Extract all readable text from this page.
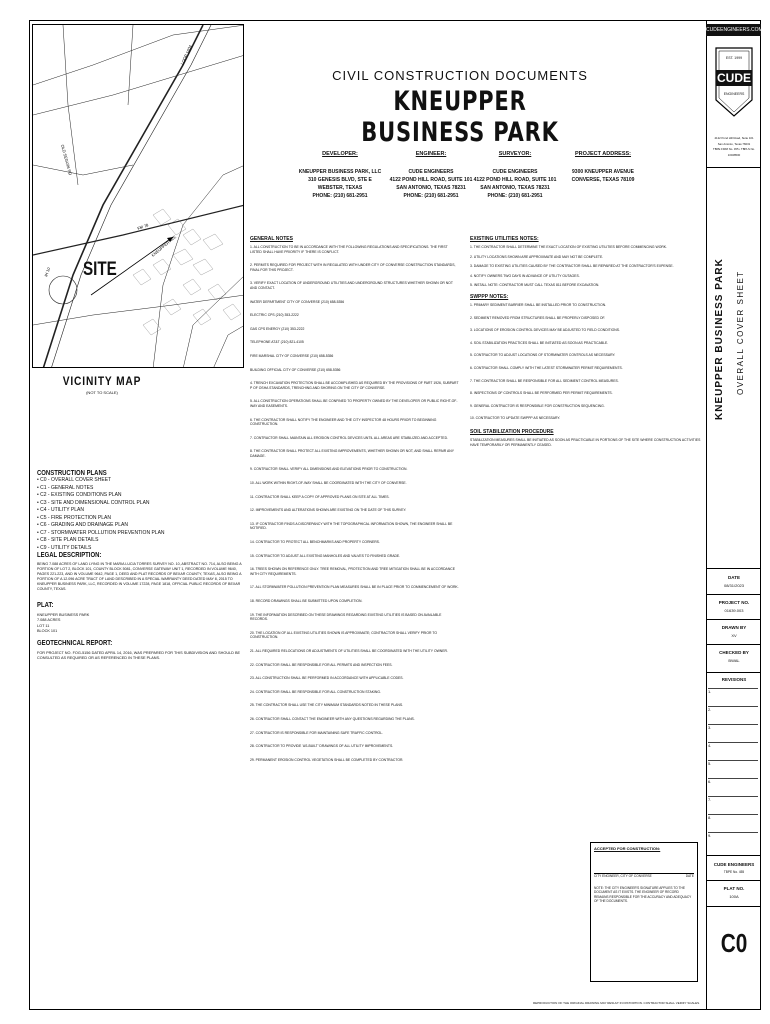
IH 10
LOOP 1604
FM 78
KNEUPPER AVE
OLD SEGUIN RD
SITE
VICINITY MAP
(NOT TO SCALE)
CONSTRUCTION PLANS
• C0 - OVERALL COVER SHEET
• C1 - GENERAL NOTES
• C2 - EXISTING CONDITIONS PLAN
• C3 - SITE AND DIMENSIONAL CONTROL PLAN
• C4 - UTILITY PLAN
• C5 - FIRE PROTECTION PLAN
• C6 - GRADING AND DRAINAGE PLAN
• C7 - STORMWATER POLLUTION PREVENTION PLAN
• C8 - SITE PLAN DETAILS
• C9 - UTILITY DETAILS
LEGAL DESCRIPTION:
BEING 7.088 ACRES OF LAND LYING IN THE MARIA LUCIA TORRES SURVEY NO. 10, ABSTRACT NO. 714, ALSO BEING A PORTION OF LOT 2, BLOCK 101, COUNTY BLOCK 5081, CONVERSE GATEWAY UNIT 1, RECORDED IN VOLUME 9640, PAGES 221-223, AND IN VOLUME 9642, PAGE 1, DEED AND PLAT RECORDS OF BEXAR COUNTY, TEXAS, ALSO BEING A PORTION OF A 12.096 ACRE TRACT OF LAND DESCRIBED IN A SPECIAL WARRANTY DEED DATED MAY 8, 2015 TO KNEUPPER BUSINESS PARK, LLC, RECORDED IN VOLUME 17228, PAGE 1818, OFFICIAL PUBLIC RECORDS OF BEXAR COUNTY, TEXAS.
PLAT:
KNEUPPER BUSINESS PARK
7.088 ACRES
LOT 11
BLOCK 101
GEOTECHNICAL REPORT:
FOR PROJECT NO. FOG-5156 DATED APRIL 14, 2016, WAS PREPARED FOR THIS SUBDIVISION AND SHOULD BE CONSULTED AS REQUIRED OR AS REFERENCED IN THESE PLANS.
CIVIL CONSTRUCTION DOCUMENTS
KNEUPPER BUSINESS PARK
DEVELOPER:
KNEUPPER BUSINESS PARK, LLC
310 GENESIS BLVD, STE E
WEBSTER, TEXAS
PHONE: (210) 681-2951
ENGINEER:
CUDE ENGINEERS
4122 POND HILL ROAD, SUITE 101
SAN ANTONIO, TEXAS 78231
PHONE: (210) 681-2951
SURVEYOR:
CUDE ENGINEERS
4122 POND HILL ROAD, SUITE 101
SAN ANTONIO, TEXAS 78231
PHONE: (210) 681-2951
PROJECT ADDRESS:
9300 KNEUPPER AVENUE
CONVERSE, TEXAS 78109
GENERAL NOTES
1. ALL CONSTRUCTION TO BE IN ACCORDANCE WITH THE FOLLOWING REGULATIONS AND SPECIFICATIONS. THE FIRST LISTED SHALL HAVE PRIORITY IF THERE IS CONFLICT.
2. PERMITS REQUIRED FOR PROJECT WITH IN REGULATED WITH UNDER CITY OF CONVERSE CONSTRUCTION STANDARDS, FINAL FOR THIS PROJECT.
3. VERIFY EXACT LOCATION OF UNDERGROUND UTILITIES AND UNDERGROUND STRUCTURES WHETHER SHOWN OR NOT AND CONTACT.
WATER DEPARTMENT CITY OF CONVERSE (210) 658-5356
ELECTRIC CPS (210) 353-2222
GAS CPS ENERGY (210) 353-2222
TELEPHONE AT&T (210) 821-4105
FIRE MARSHAL CITY OF CONVERSE (210) 658-5356
BUILDING OFFICIAL CITY OF CONVERSE (210) 658-5356
4. TRENCH EXCAVATION PROTECTION SHALL BE ACCOMPLISHED AS REQUIRED BY THE PROVISIONS OF PART 1926, SUBPART P OF OSHA STANDARDS, TRENCHING AND SHORING ON THE CITY OF CONVERSE.
5. ALL CONSTRUCTION OPERATIONS SHALL BE CONFINED TO PROPERTY OWNED BY THE DEVELOPER OR PUBLIC RIGHT-OF-WAY AND EASEMENTS.
6. THE CONTRACTOR SHALL NOTIFY THE ENGINEER AND THE CITY INSPECTOR 48 HOURS PRIOR TO BEGINNING CONSTRUCTION.
7. CONTRACTOR SHALL MAINTAIN ALL EROSION CONTROL DEVICES UNTIL ALL AREAS ARE STABILIZED AND ACCEPTED.
8. THE CONTRACTOR SHALL PROTECT ALL EXISTING IMPROVEMENTS, WHETHER SHOWN OR NOT, AND SHALL REPAIR ANY DAMAGE.
9. CONTRACTOR SHALL VERIFY ALL DIMENSIONS AND ELEVATIONS PRIOR TO CONSTRUCTION.
10. ALL WORK WITHIN RIGHT-OF-WAY SHALL BE COORDINATED WITH THE CITY OF CONVERSE.
11. CONTRACTOR SHALL KEEP A COPY OF APPROVED PLANS ON SITE AT ALL TIMES.
12. IMPROVEMENTS AND ALTERATIONS SHOWN ARE EXISTING ON THE DATE OF THIS SURVEY.
13. IF CONTRACTOR FINDS A DISCREPANCY WITH THE TOPOGRAPHICAL INFORMATION SHOWN, THE ENGINEER SHALL BE NOTIFIED.
14. CONTRACTOR TO PROTECT ALL BENCHMARKS AND PROPERTY CORNERS.
15. CONTRACTOR TO ADJUST ALL EXISTING MANHOLES AND VALVES TO FINISHED GRADE.
16. TREES SHOWN ON REFERENCE ONLY. TREE REMOVAL, PROTECTION AND TREE MITIGATION SHALL BE IN ACCORDANCE WITH CITY REQUIREMENTS.
17. ALL STORMWATER POLLUTION PREVENTION PLAN MEASURES SHALL BE IN PLACE PRIOR TO COMMENCEMENT OF WORK.
18. RECORD DRAWINGS SHALL BE SUBMITTED UPON COMPLETION.
19. THE INFORMATION DESCRIBED ON THESE DRAWINGS REGARDING EXISTING UTILITIES IS BASED ON AVAILABLE RECORDS.
20. THE LOCATION OF ALL EXISTING UTILITIES SHOWN IS APPROXIMATE; CONTRACTOR SHALL VERIFY PRIOR TO CONSTRUCTION.
21. ALL REQUIRED RELOCATIONS OR ADJUSTMENTS OF UTILITIES SHALL BE COORDINATED WITH THE UTILITY OWNER.
22. CONTRACTOR SHALL BE RESPONSIBLE FOR ALL PERMITS AND INSPECTION FEES.
23. ALL CONSTRUCTION SHALL BE PERFORMED IN ACCORDANCE WITH APPLICABLE CODES.
24. CONTRACTOR SHALL BE RESPONSIBLE FOR ALL CONSTRUCTION STAKING.
25. THE CONTRACTOR SHALL USE THE CITY MINIMUM STANDARDS NOTED IN THESE PLANS.
26. CONTRACTOR SHALL CONTACT THE ENGINEER WITH ANY QUESTIONS REGARDING THE PLANS.
27. CONTRACTOR IS RESPONSIBLE FOR MAINTAINING SAFE TRAFFIC CONTROL.
28. CONTRACTOR TO PROVIDE 'AS-BUILT' DRAWINGS OF ALL UTILITY IMPROVEMENTS.
29. PERMANENT EROSION CONTROL VEGETATION SHALL BE COMPLETED BY CONTRACTOR.
EXISTING UTILITIES NOTES:
1. THE CONTRACTOR SHALL DETERMINE THE EXACT LOCATION OF EXISTING UTILITIES BEFORE COMMENCING WORK.
2. UTILITY LOCATIONS SHOWN ARE APPROXIMATE AND MAY NOT BE COMPLETE.
3. DAMAGE TO EXISTING UTILITIES CAUSED BY THE CONTRACTOR SHALL BE REPAIRED AT THE CONTRACTOR'S EXPENSE.
4. NOTIFY OWNERS TWO DAYS IN ADVANCE OF UTILITY OUTAGES.
5. INSTALL NOTE: CONTRACTOR MUST CALL TEXAS 811 BEFORE EXCAVATION.
SWPPP NOTES:
1. PRIMARY SEDIMENT BARRIER SHALL BE INSTALLED PRIOR TO CONSTRUCTION.
2. SEDIMENT REMOVED FROM STRUCTURES SHALL BE PROPERLY DISPOSED OF.
3. LOCATIONS OF EROSION CONTROL DEVICES MAY BE ADJUSTED TO FIELD CONDITIONS.
4. SOIL STABILIZATION PRACTICES SHALL BE INITIATED AS SOON AS PRACTICABLE.
5. CONTRACTOR TO ADJUST LOCATIONS OF STORMWATER CONTROLS AS NECESSARY.
6. CONTRACTOR SHALL COMPLY WITH THE LATEST STORMWATER PERMIT REQUIREMENTS.
7. THE CONTRACTOR SHALL BE RESPONSIBLE FOR ALL SEDIMENT CONTROL MEASURES.
8. INSPECTIONS OF CONTROLS SHALL BE PERFORMED PER PERMIT REQUIREMENTS.
9. GENERAL CONTRACTOR IS RESPONSIBLE FOR CONSTRUCTION SEQUENCING.
10. CONTRACTOR TO UPDATE SWPPP AS NECESSARY.
SOIL STABILIZATION PROCEDURE
STABILIZATION MEASURES SHALL BE INITIATED AS SOON AS PRACTICABLE IN PORTIONS OF THE SITE WHERE CONSTRUCTION ACTIVITIES HAVE TEMPORARILY OR PERMANENTLY CEASED.
ACCEPTED FOR CONSTRUCTION:
CITY ENGINEER, CITY OF CONVERSE	DATE
NOTE: THE CITY ENGINEER'S SIGNATURE APPLIES TO THE DOCUMENT AS IT EXISTS. THE ENGINEER OF RECORD REMAINS RESPONSIBLE FOR THE ACCURACY AND ADEQUACY OF THE DOCUMENTS.
REPRODUCTION OF THE ORIGINAL DRAWING MAY RESULT IN DISTORTION. CONTRACTOR SHALL VERIFY SCALES.
CUDEENGINEERS.COM
EST. 1999
CUDE
ENGINEERS
4122 Pond Hill Road, Suite 101
San Antonio, Texas 78231
TBPE FIRM No. 455 • TBPLS No. 10048500
KNEUPPER BUSINESS PARK OVERALL COVER SHEET
DATE
08/31/2023
PROJECT NO.
01639.003
DRAWN BY
XV
CHECKED BY
BWAL
REVISIONS
1.
2.
3.
4.
5.
6.
7.
8.
9.
CUDE ENGINEERS
TBPE No. 455
PLAT NO.
100A
C0
